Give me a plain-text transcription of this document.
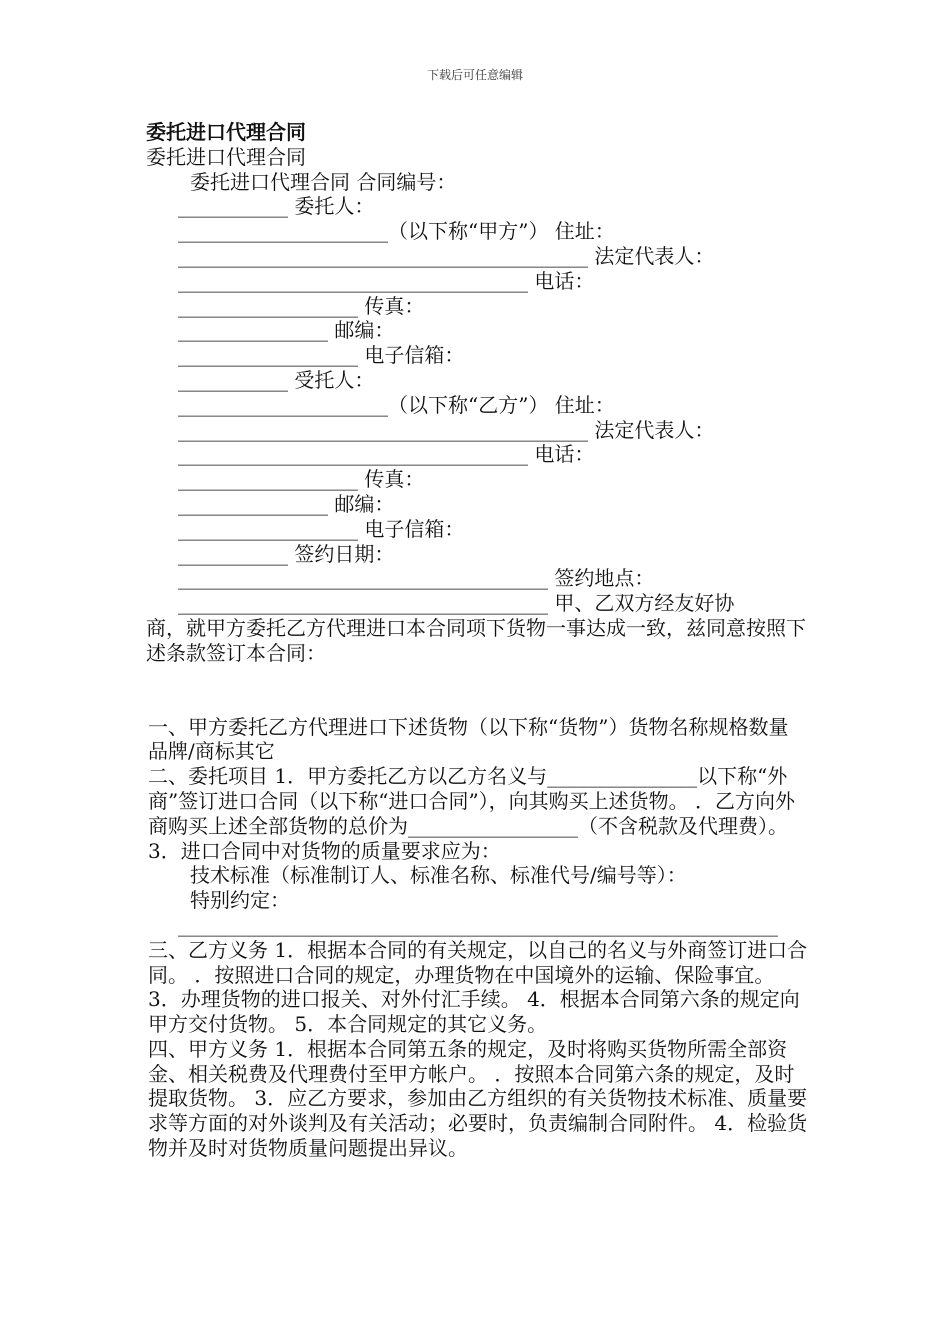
下载后可任意编辑

委托进口代理合同

委托进口代理合同

委托进口代理合同 合同编号：

___________ 委托人：

_____________________（以下称“甲方”） 住址：

_________________________________________ 法定代表人：

___________________________________ 电话：

__________________ 传真：

_______________ 邮编：

__________________ 电子信箱：

___________ 受托人：

_____________________（以下称“乙方”） 住址：

_________________________________________ 法定代表人：

___________________________________ 电话：

__________________ 传真：

_______________ 邮编：

__________________ 电子信箱：

___________ 签约日期：

_____________________________________ 签约地点：

_____________________________________ 甲、乙双方经友好协

商，就甲方委托乙方代理进口本合同项下货物一事达成一致，兹同意按照下述条款签订本合同：

一、甲方委托乙方代理进口下述货物（以下称“货物”）货物名称规格数量品牌/商标其它

二、委托项目 1．甲方委托乙方以乙方名义与_______________以下称“外商”签订进口合同（以下称“进口合同”），向其购买上述货物。 ．乙方向外商购买上述全部货物的总价为_________________（不含税款及代理费）。 3．进口合同中对货物的质量要求应为：

技术标准（标准制订人、标准名称、标准代号/编号等）：

特别约定：

____________________________________________________________

三、乙方义务 1．根据本合同的有关规定，以自己的名义与外商签订进口合同。 ．按照进口合同的规定，办理货物在中国境外的运输、保险事宜。 3．办理货物的进口报关、对外付汇手续。 4．根据本合同第六条的规定向甲方交付货物。 5．本合同规定的其它义务。

四、甲方义务 1．根据本合同第五条的规定，及时将购买货物所需全部资金、相关税费及代理费付至甲方帐户。 ．按照本合同第六条的规定，及时提取货物。 3．应乙方要求，参加由乙方组织的有关货物技术标准、质量要求等方面的对外谈判及有关活动；必要时，负责编制合同附件。 4．检验货物并及时对货物质量问题提出异议。
